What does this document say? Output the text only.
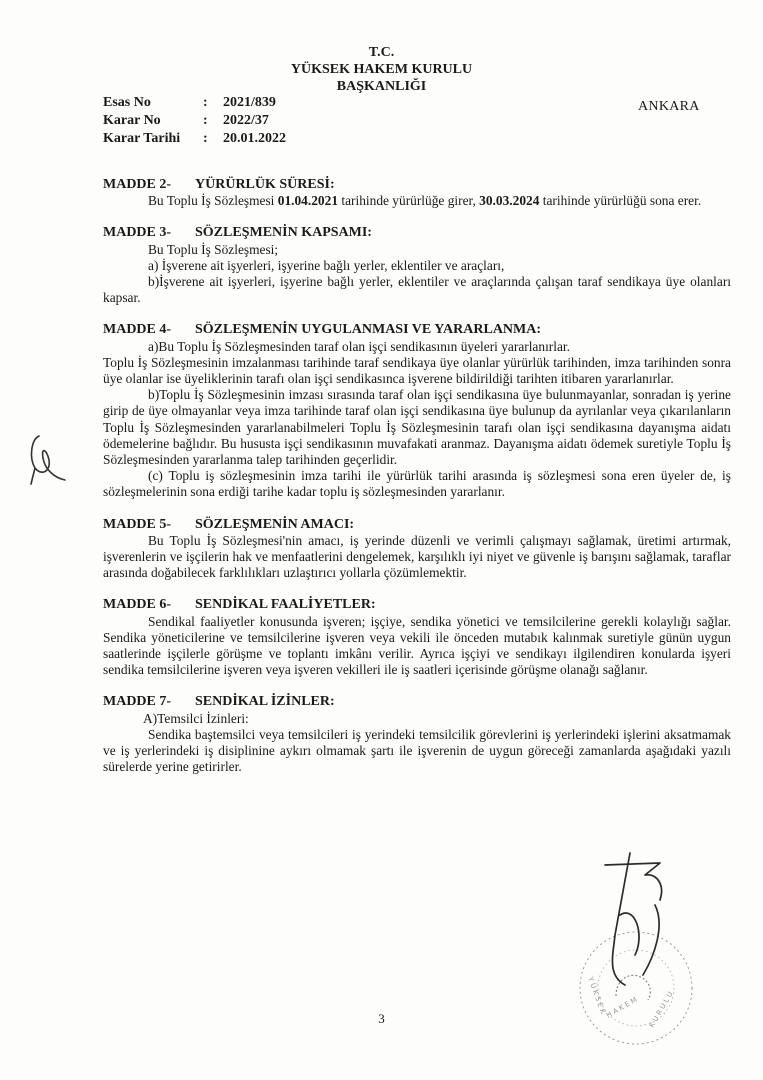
T.C.
YÜKSEK HAKEM KURULU
BAŞKANLIĞI
Esas No	: 2021/839
Karar No	: 2022/37
Karar Tarihi : 20.01.2022
ANKARA

MADDE 2- YÜRÜRLÜK SÜRESİ:

Bu Toplu İş Sözleşmesi 01.04.2021 tarihinde yürürlüğe girer, 30.03.2024 tarihinde yürürlüğü sona erer.

MADDE 3- SÖZLEŞMENİN KAPSAMI:

Bu Toplu İş Sözleşmesi;

a) İşverene ait işyerleri, işyerine bağlı yerler, eklentiler ve araçları,

b)İşverene ait işyerleri, işyerine bağlı yerler, eklentiler ve araçlarında çalışan taraf sendikaya üye olanları kapsar.

MADDE 4- SÖZLEŞMENİN UYGULANMASI VE YARARLANMA:

a)Bu Toplu İş Sözleşmesinden taraf olan işçi sendikasının üyeleri yararlanırlar.

Toplu İş Sözleşmesinin imzalanması tarihinde taraf sendikaya üye olanlar yürürlük tarihinden, imza tarihinden sonra üye olanlar ise üyeliklerinin tarafı olan işçi sendikasınca işverene bildirildiği tarihten itibaren yararlanırlar.

b)Toplu İş Sözleşmesinin imzası sırasında taraf olan işçi sendikasına üye bulunmayanlar, sonradan iş yerine girip de üye olmayanlar veya imza tarihinde taraf olan işçi sendikasına üye bulunup da ayrılanlar veya çıkarılanların Toplu İş Sözleşmesinden yararlanabilmeleri Toplu İş Sözleşmesinin tarafı olan işçi sendikasına dayanışma aidatı ödemelerine bağlıdır. Bu hususta işçi sendikasının muvafakati aranmaz. Dayanışma aidatı ödemek suretiyle Toplu İş Sözleşmesinden yararlanma talep tarihinden geçerlidir.

(c) Toplu iş sözleşmesinin imza tarihi ile yürürlük tarihi arasında iş sözleşmesi sona eren üyeler de, iş sözleşmelerinin sona erdiği tarihe kadar toplu iş sözleşmesinden yararlanır.

MADDE 5- SÖZLEŞMENİN AMACI:

Bu Toplu İş Sözleşmesi'nin amacı, iş yerinde düzenli ve verimli çalışmayı sağlamak, üretimi artırmak, işverenlerin ve işçilerin hak ve menfaatlerini dengelemek, karşılıklı iyi niyet ve güvenle iş barışını sağlamak, taraflar arasında doğabilecek farklılıkları uzlaştırıcı yollarla çözümlemektir.

MADDE 6- SENDİKAL FAALİYETLER:

Sendikal faaliyetler konusunda işveren; işçiye, sendika yönetici ve temsilcilerine gerekli kolaylığı sağlar. Sendika yöneticilerine ve temsilcilerine işveren veya vekili ile önceden mutabık kalınmak suretiyle günün uygun saatlerinde işçilerle görüşme ve toplantı imkânı verilir. Ayrıca işçiyi ve sendikayı ilgilendiren konularda işyeri sendika temsilcilerine işveren veya işveren vekilleri ile iş saatleri içerisinde görüşme olanağı sağlanır.

MADDE 7- SENDİKAL İZİNLER:

A)Temsilci İzinleri:

Sendika baştemsilci veya temsilcileri iş yerindeki temsilcilik görevlerini iş yerlerindeki işlerini aksatmamak ve iş yerlerindeki iş disiplinine aykırı olmamak şartı ile işverenin de uygun göreceği zamanlarda aşağıdaki yazılı sürelerde yerine getirirler.

Y Ü K S E K
H A K E M K U R U L U
3
